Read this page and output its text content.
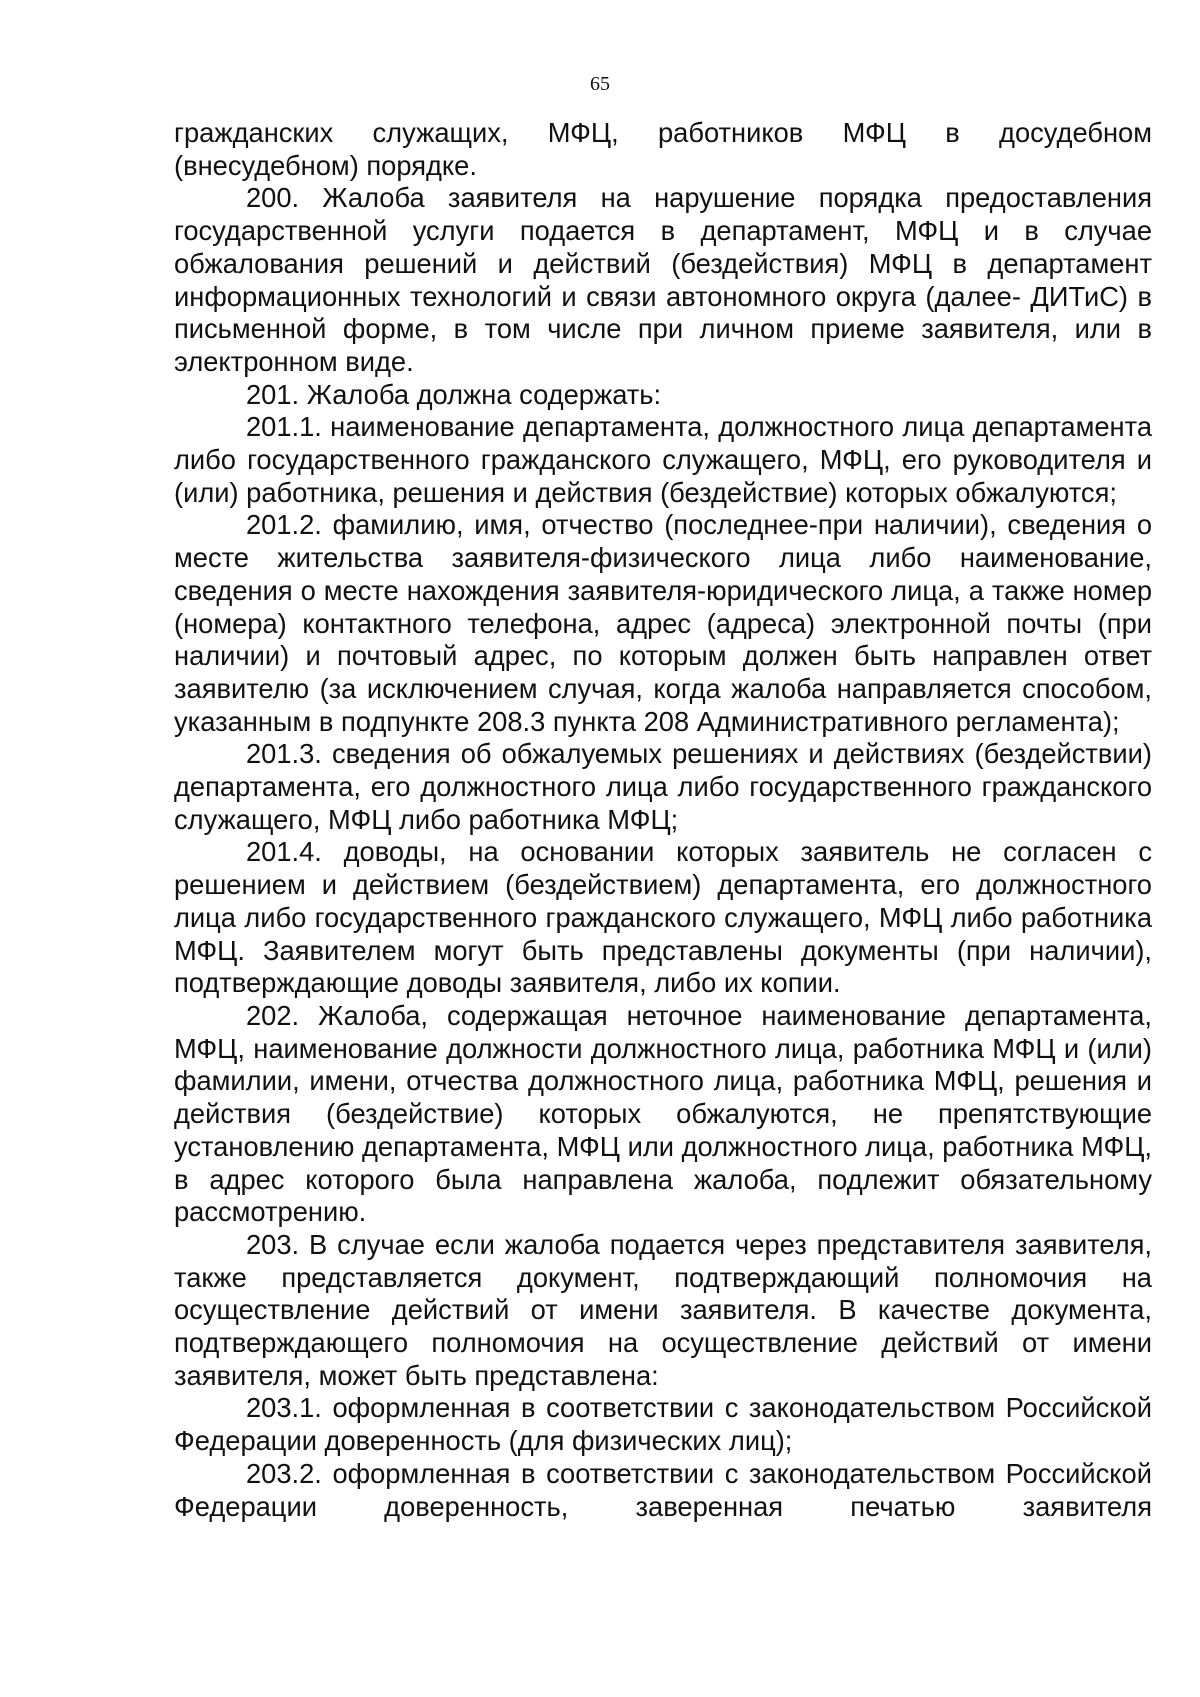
65

гражданских служащих, МФЦ, работников МФЦ в досудебном (внесудебном) порядке.

200. Жалоба заявителя на нарушение порядка предоставления государственной услуги подается в департамент, МФЦ и в случае обжалования решений и действий (бездействия) МФЦ в департамент информационных технологий и связи автономного округа (далее- ДИТиС) в письменной форме, в том числе при личном приеме заявителя, или в электронном виде.

201. Жалоба должна содержать:

201.1. наименование департамента, должностного лица департамента либо государственного гражданского служащего, МФЦ, его руководителя и (или) работника, решения и действия (бездействие) которых обжалуются;

201.2. фамилию, имя, отчество (последнее-при наличии), сведения о месте жительства заявителя-физического лица либо наименование, сведения о месте нахождения заявителя-юридического лица, а также номер (номера) контактного телефона, адрес (адреса) электронной почты (при наличии) и почтовый адрес, по которым должен быть направлен ответ заявителю (за исключением случая, когда жалоба направляется способом, указанным в подпункте 208.3 пункта 208 Административного регламента);

201.3. сведения об обжалуемых решениях и действиях (бездействии) департамента, его должностного лица либо государственного гражданского служащего, МФЦ либо работника МФЦ;

201.4. доводы, на основании которых заявитель не согласен с решением и действием (бездействием) департамента, его должностного лица либо государственного гражданского служащего, МФЦ либо работника МФЦ. Заявителем могут быть представлены документы (при наличии), подтверждающие доводы заявителя, либо их копии.

202. Жалоба, содержащая неточное наименование департамента, МФЦ, наименование должности должностного лица, работника МФЦ и (или) фамилии, имени, отчества должностного лица, работника МФЦ, решения и действия (бездействие) которых обжалуются, не препятствующие установлению департамента, МФЦ или должностного лица, работника МФЦ, в адрес которого была направлена жалоба, подлежит обязательному рассмотрению.

203. В случае если жалоба подается через представителя заявителя, также представляется документ, подтверждающий полномочия на осуществление действий от имени заявителя. В качестве документа, подтверждающего полномочия на осуществление действий от имени заявителя, может быть представлена:

203.1. оформленная в соответствии с законодательством Российской Федерации доверенность (для физических лиц);

203.2. оформленная в соответствии с законодательством Российской Федерации доверенность, заверенная печатью заявителя
